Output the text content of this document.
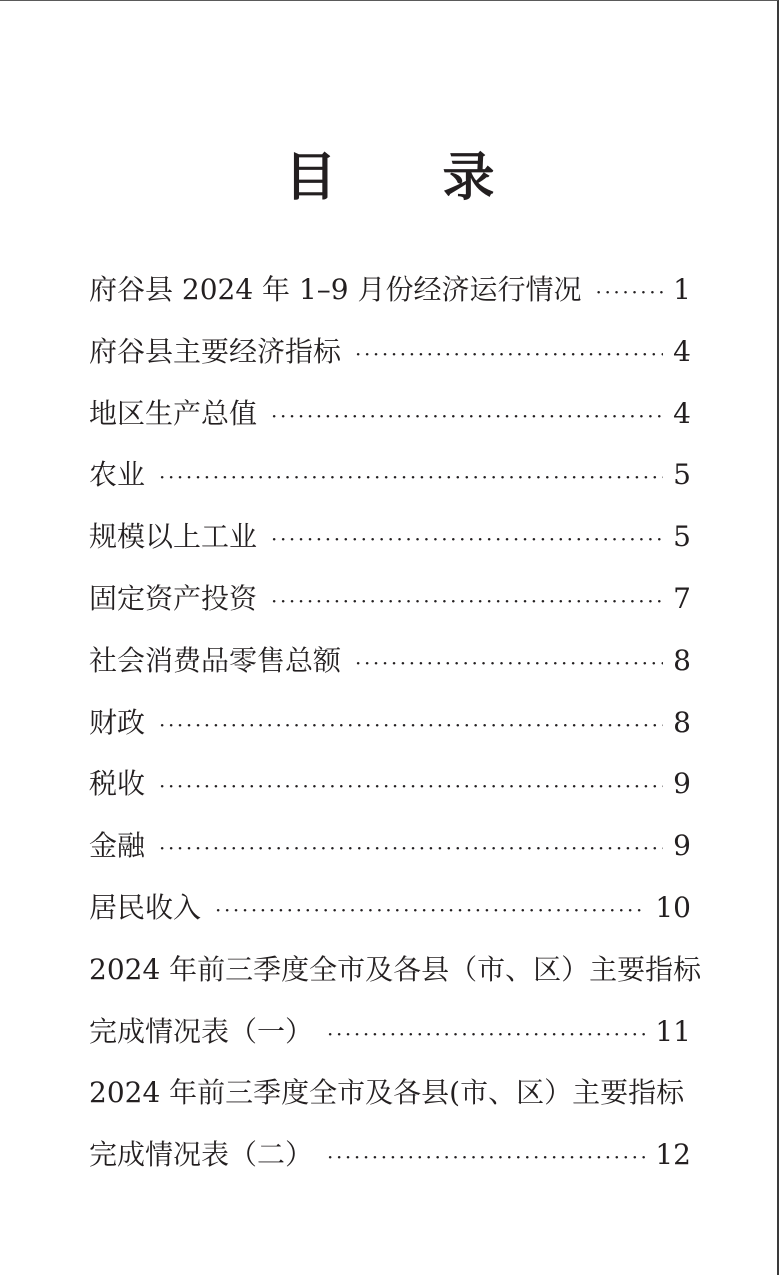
目 录
府谷县 2024 年 1–9 月份经济运行情况 ·····	1
府谷县主要经济指标 ·····	4
地区生产总值 ·····	4
农业 ·····	5
规模以上工业 ·····	5
固定资产投资 ·····	7
社会消费品零售总额 ·····	8
财政 ·····	8
税收 ·····	9
金融 ·····	9
居民收入 ·····	10
2024 年前三季度全市及各县（市、区）主要指标
完成情况表（一） ·····	11
2024 年前三季度全市及各县(市、区）主要指标
完成情况表（二） ·····	12
